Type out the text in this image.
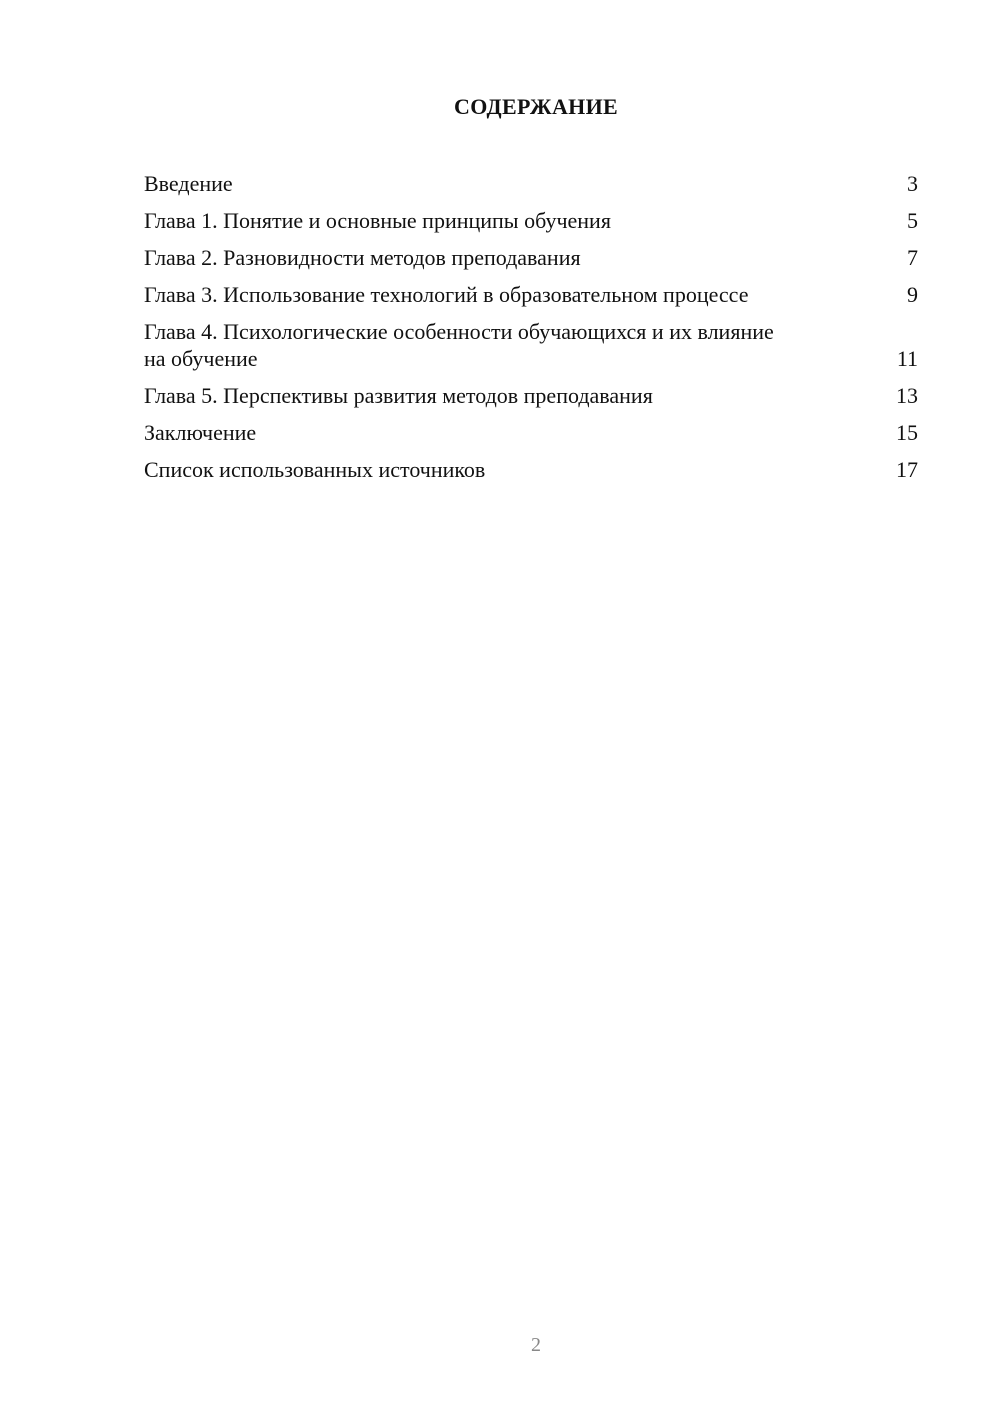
СОДЕРЖАНИЕ
Введение	3
Глава 1. Понятие и основные принципы обучения	5
Глава 2. Разновидности методов преподавания	7
Глава 3. Использование технологий в образовательном процессе	9
Глава 4. Психологические особенности обучающихся и их влияние на обучение	11
Глава 5. Перспективы развития методов преподавания	13
Заключение	15
Список использованных источников	17
2
